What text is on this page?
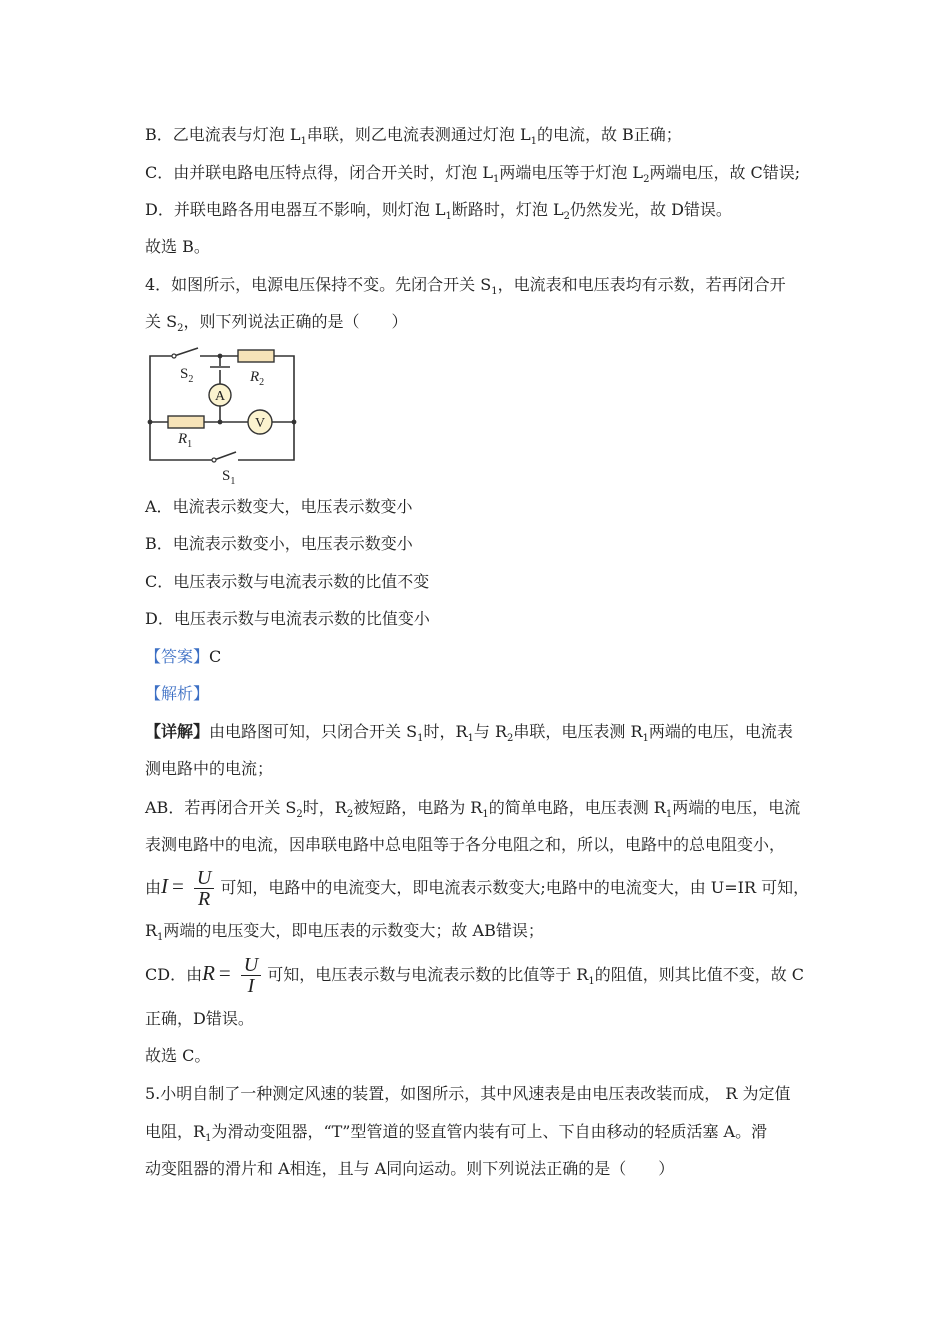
B．乙电流表与灯泡 $L_1$串联，则乙电流表测通过灯泡 $L_1$的电流，故 B正确；
C．由并联电路电压特点得，闭合开关时，灯泡 $L_1$两端电压等于灯泡 $L_2$两端电压，故 C错误;
D．并联电路各用电器互不影响，则灯泡 $L_1$断路时，灯泡 $L_2$仍然发光，故 D错误。
故选 B。
4．如图所示，电源电压保持不变。先闭合开关 $S_1$，电流表和电压表均有示数，若再闭合开
关 $S_2$，则下列说法正确的是（　　）
A
V
$S_2$	$R_2$
$R_1$
$S_1$
A．电流表示数变大，电压表示数变小
B．电流表示数变小，电压表示数变小
C．电压表示数与电流表示数的比值不变
D．电压表示数与电流表示数的比值变小
【答案】C
【解析】
【详解】由电路图可知，只闭合开关 $S_1$时，$R_1$与 $R_2$串联，电压表测 $R_1$两端的电压，电流表
测电路中的电流；
AB．若再闭合开关 $S_2$时，$R_2$被短路，电路为 $R_1$的简单电路，电压表测 $R_1$两端的电压，电流
表测电路中的电流，因串联电路中总电阻等于各分电阻之和，所以，电路中的总电阻变小，
由$I = \frac{U}{R}$ 可知，电路中的电流变大，即电流表示数变大;电路中的电流变大，由 U=IR 可知，
$R_1$两端的电压变大，即电压表的示数变大；故 AB错误；
CD．由$R = \frac{U}{I}$ 可知，电压表示数与电流表示数的比值等于 $R_1$的阻值，则其比值不变，故 C
正确，D错误。
故选 C。
5.小明自制了一种测定风速的装置，如图所示，其中风速表是由电压表改装而成， R 为定值
电阻，$R_1$为滑动变阻器，“T”型管道的竖直管内装有可上、下自由移动的轻质活塞 A。滑
动变阻器的滑片和 A相连，且与 A同向运动。则下列说法正确的是（　　）
